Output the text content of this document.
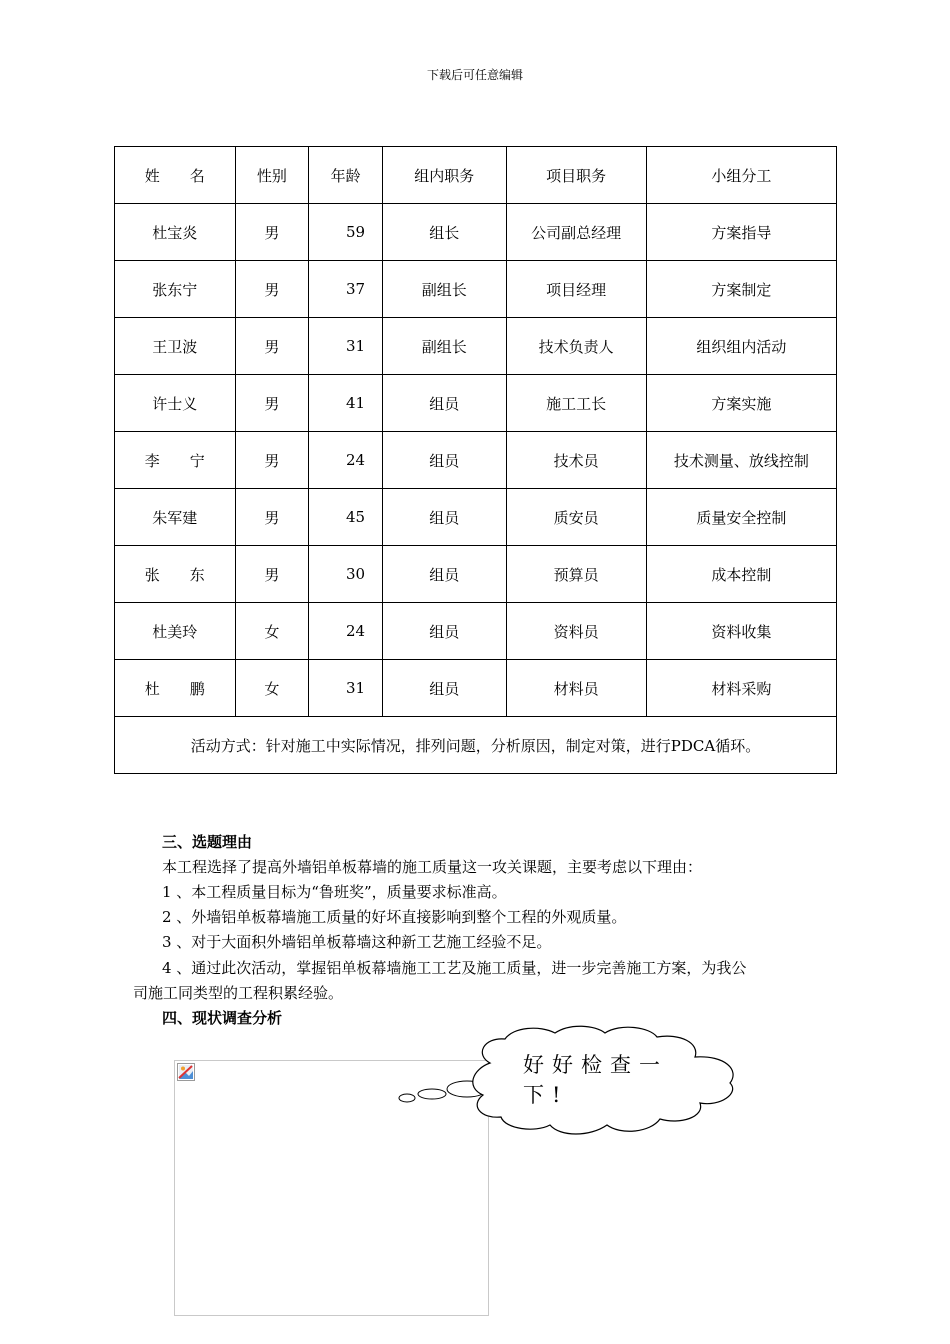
下载后可任意编辑
姓　　名	性别	年龄	组内职务	项目职务	小组分工
杜宝炎	男	59	组长	公司副总经理	方案指导
张东宁	男	37	副组长	项目经理	方案制定
王卫波	男	31	副组长	技术负责人	组织组内活动
许士义	男	41	组员	施工工长	方案实施
李　　宁	男	24	组员	技术员	技术测量、放线控制
朱军建	男	45	组员	质安员	质量安全控制
张　　东	男	30	组员	预算员	成本控制
杜美玲	女	24	组员	资料员	资料收集
杜　　鹏	女	31	组员	材料员	材料采购
活动方式：针对施工中实际情况，排列问题，分析原因，制定对策，进行PDCA循环。					
三、选题理由
本工程选择了提高外墙铝单板幕墙的施工质量这一攻关课题，主要考虑以下理由：
1 、本工程质量目标为“鲁班奖”，质量要求标准高。
2 、外墙铝单板幕墙施工质量的好坏直接影响到整个工程的外观质量。
3 、对于大面积外墙铝单板幕墙这种新工艺施工经验不足。
4 、通过此次活动，掌握铝单板幕墙施工工艺及施工质量，进一步完善施工方案，为我公
司施工同类型的工程积累经验。
四、现状调查分析
好好检查一
下!
